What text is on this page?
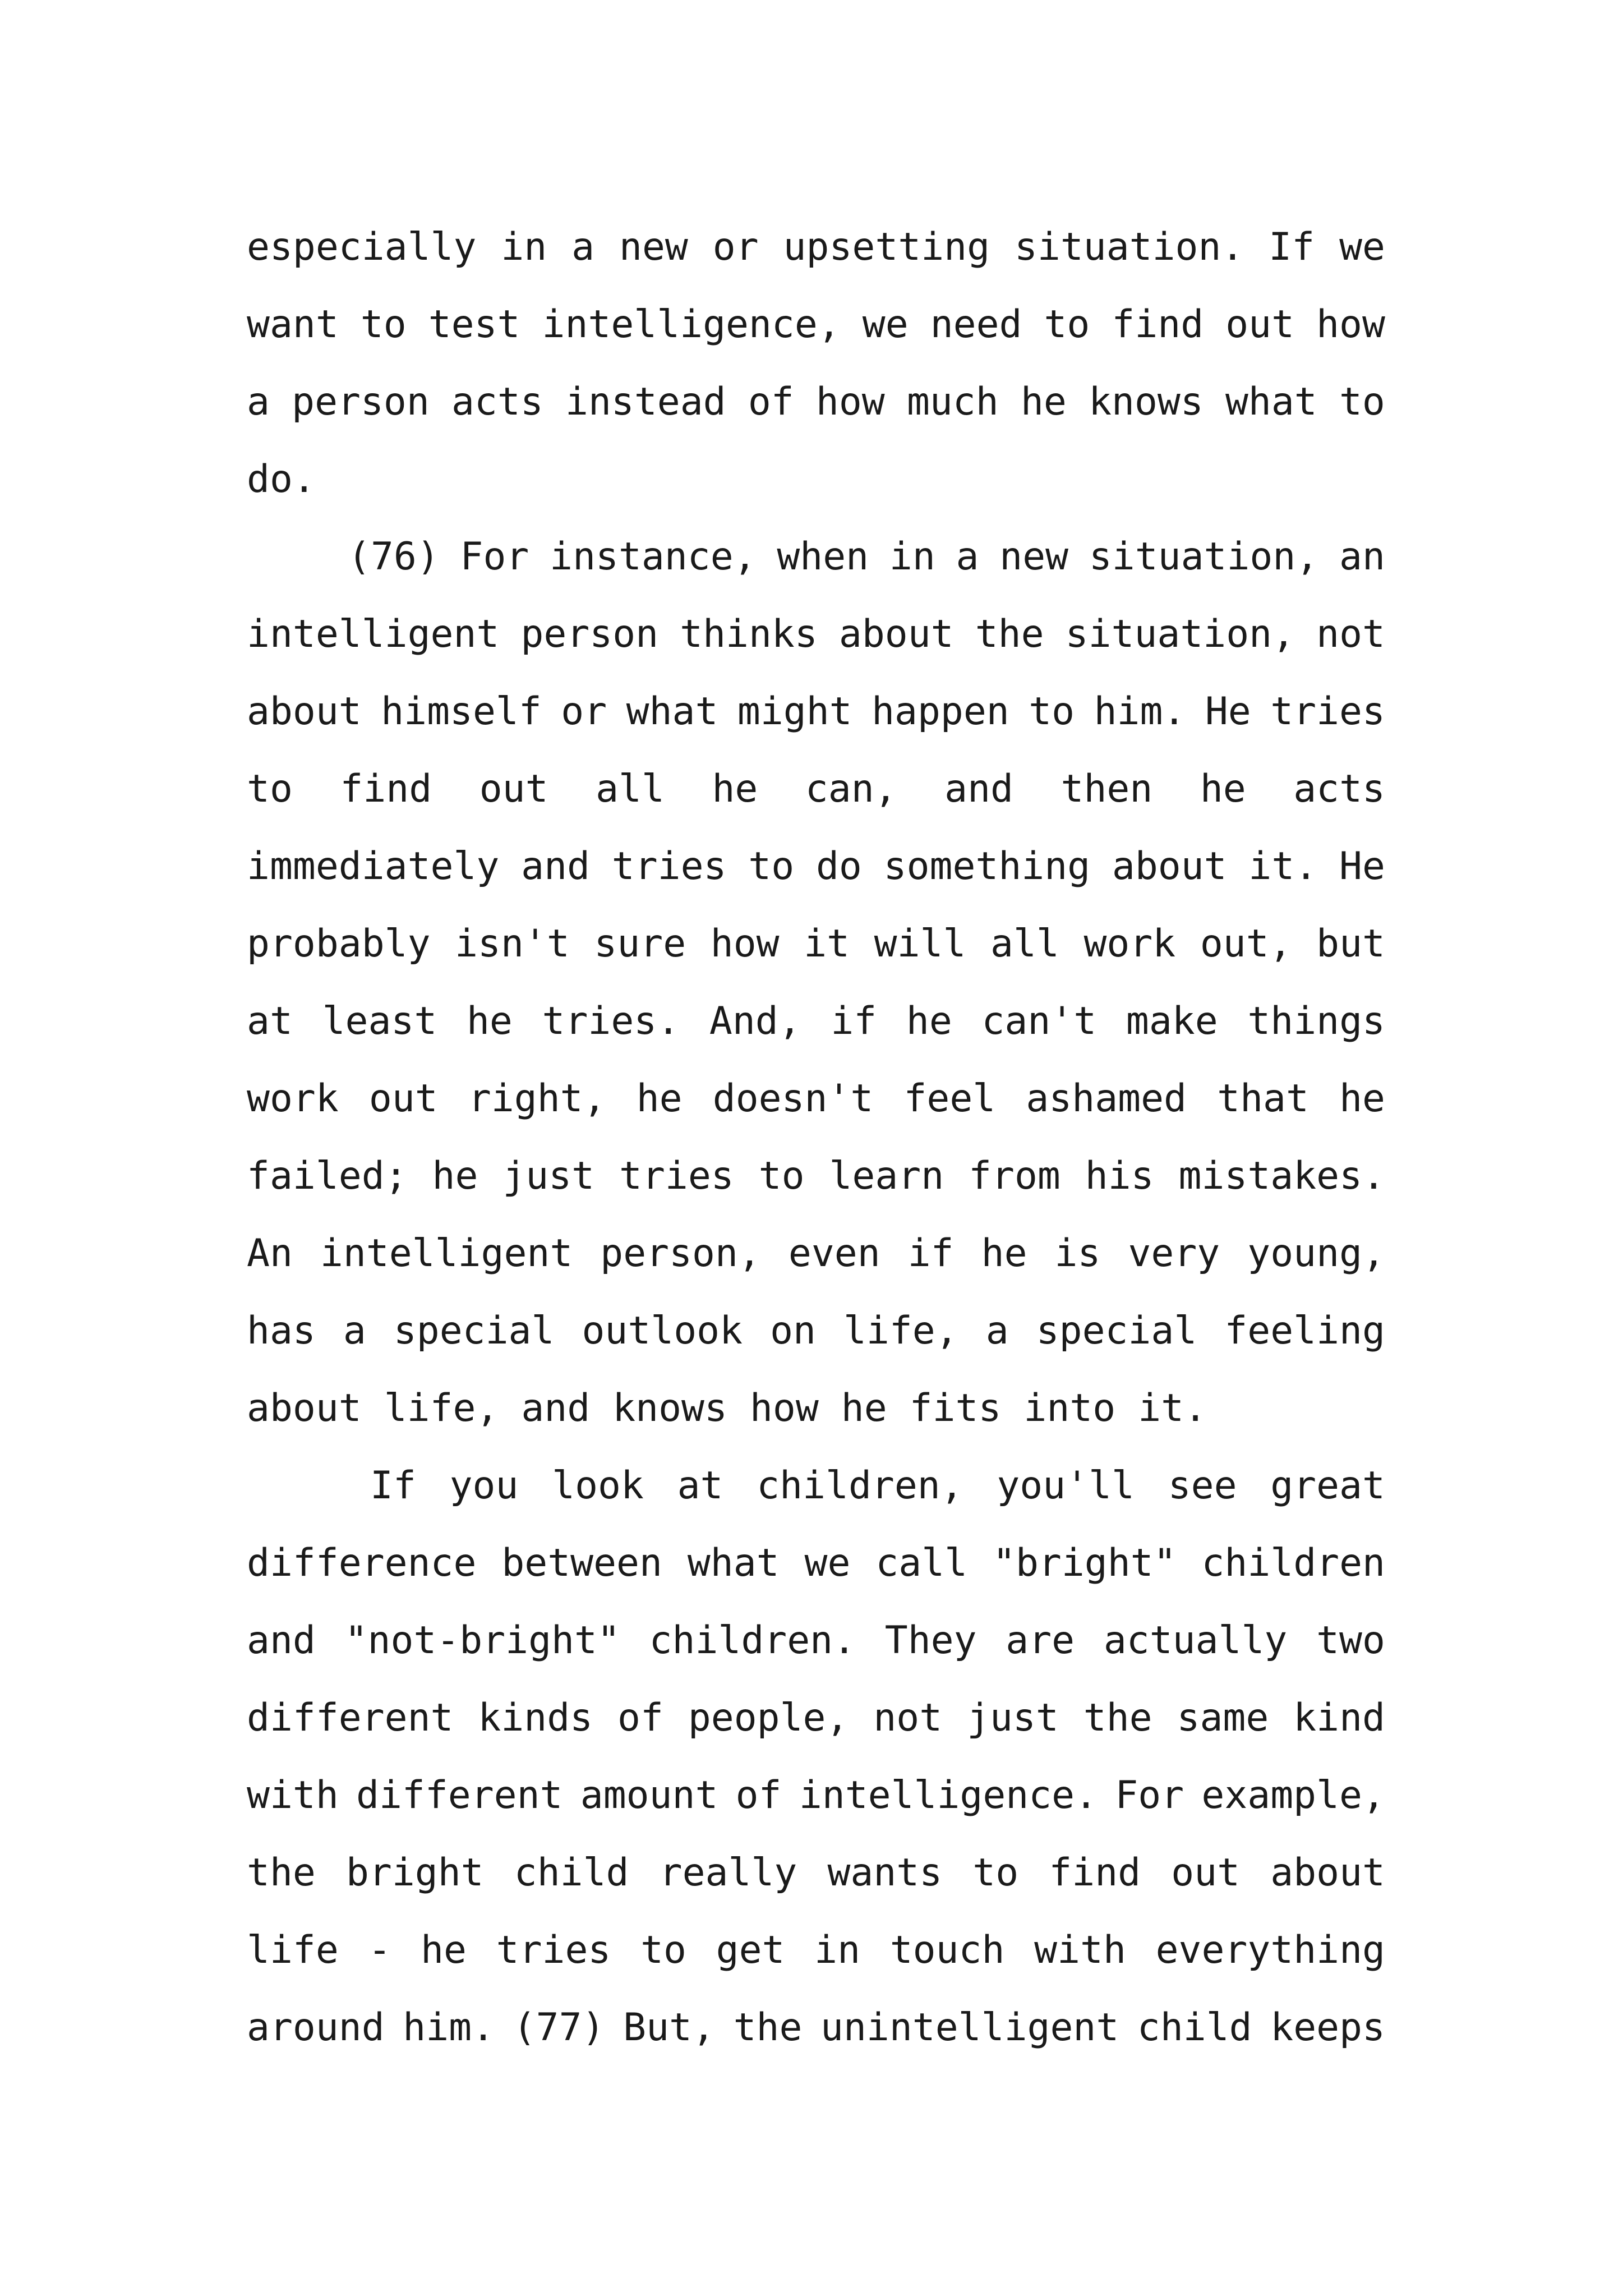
especially in a new or upsetting situation. If we
want to test intelligence, we need to find out how
a person acts instead of how much he knows what to
do.
(76) For instance, when in a new situation, an
intelligent person thinks about the situation, not
about himself or what might happen to him. He tries
to find out all he can, and then he acts
immediately and tries to do something about it. He
probably isn't sure how it will all work out, but
at least he tries. And, if he can't make things
work out right, he doesn't feel ashamed that he
failed; he just tries to learn from his mistakes.
An intelligent person, even if he is very young,
has a special outlook on life, a special feeling
about life, and knows how he fits into it.
If you look at children, you'll see great
difference between what we call "bright" children
and "not-bright" children. They are actually two
different kinds of people, not just the same kind
with different amount of intelligence. For example,
the bright child really wants to find out about
life - he tries to get in touch with everything
around him. (77) But, the unintelligent child keeps
